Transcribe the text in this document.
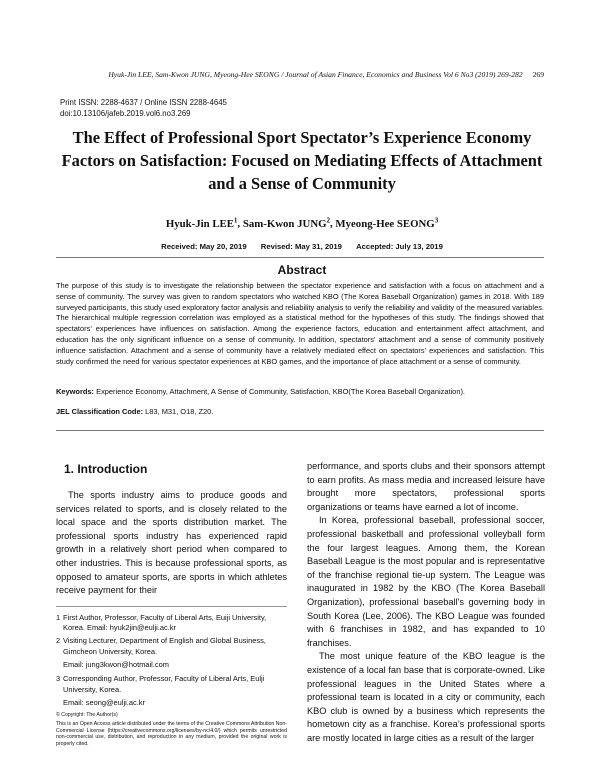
Hyuk-Jin LEE, Sam-Kwon JUNG, Myeong-Hee SEONG / Journal of Asian Finance, Economics and Business Vol 6 No3 (2019) 269-282 269
Print ISSN: 2288-4637 / Online ISSN 2288-4645
doi:10.13106/jafeb.2019.vol6.no3.269
The Effect of Professional Sport Spectator’s Experience Economy
Factors on Satisfaction: Focused on Mediating Effects of Attachment
and a Sense of Community
Hyuk-Jin LEE$^1$, Sam-Kwon JUNG$^2$, Myeong-Hee SEONG$^3$
Received: May 20, 2019 Revised: May 31, 2019 Accepted: July 13, 2019
Abstract
The purpose of this study is to investigate the relationship between the spectator experience and satisfaction with a focus on attachment and a sense of community. The survey was given to random spectators who watched KBO (The Korea Baseball Organization) games in 2018. With 189 surveyed participants, this study used exploratory factor analysis and reliability analysis to verify the reliability and validity of the measured variables. The hierarchical multiple regression correlation was employed as a statistical method for the hypotheses of this study. The findings showed that spectators’ experiences have influences on satisfaction. Among the experience factors, education and entertainment affect attachment, and education has the only significant influence on a sense of community. In addition, spectators’ attachment and a sense of community positively influence satisfaction. Attachment and a sense of community have a relatively mediated effect on spectators’ experiences and satisfaction. This study confirmed the need for various spectator experiences at KBO games, and the importance of place attachment or a sense of community.
Keywords: Experience Economy, Attachment, A Sense of Community, Satisfaction, KBO(The Korea Baseball Organization).
JEL Classification Code: L83, M31, O18, Z20.
1. Introduction

The sports industry aims to produce goods and services related to sports, and is closely related to the local space and the sports distribution market. The professional sports industry has experienced rapid growth in a relatively short period when compared to other industries. This is because professional sports, as opposed to amateur sports, are sports in which athletes receive payment for their

1 First Author, Professor, Faculty of Liberal Arts, Euiji University, Korea. Email: hyuk2jin@eulji.ac.kr
2 Visiting Lecturer, Department of English and Global Business, Gimcheon University, Korea.
Email: jung3kwon@hotmail.com
3 Corresponding Author, Professor, Faculty of Liberal Arts, Eulji University, Korea.
Email: seong@eulji.ac.kr
© Copyright: The Author(s)
This is an Open Access article distributed under the terms of the Creative Commons Attribution Non-Commercial License (https://creativecommons.org/licenses/by-nc/4.0/) which permits unrestricted non-commercial use, distribution, and reproduction in any medium, provided the original work is properly cited.

performance, and sports clubs and their sponsors attempt to earn profits. As mass media and increased leisure have brought more spectators, professional sports organizations or teams have earned a lot of income.

In Korea, professional baseball, professional soccer, professional basketball and professional volleyball form the four largest leagues. Among them, the Korean Baseball League is the most popular and is representative of the franchise regional tie-up system. The League was inaugurated in 1982 by the KBO (The Korea Baseball Organization), professional baseball's governing body in South Korea (Lee, 2006). The KBO League was founded with 6 franchises in 1982, and has expanded to 10 franchises.

The most unique feature of the KBO league is the existence of a local fan base that is corporate-owned. Like professional leagues in the United States where a professional team is located in a city or community, each KBO club is owned by a business which represents the hometown city as a franchise. Korea’s professional sports are mostly located in large cities as a result of the larger
